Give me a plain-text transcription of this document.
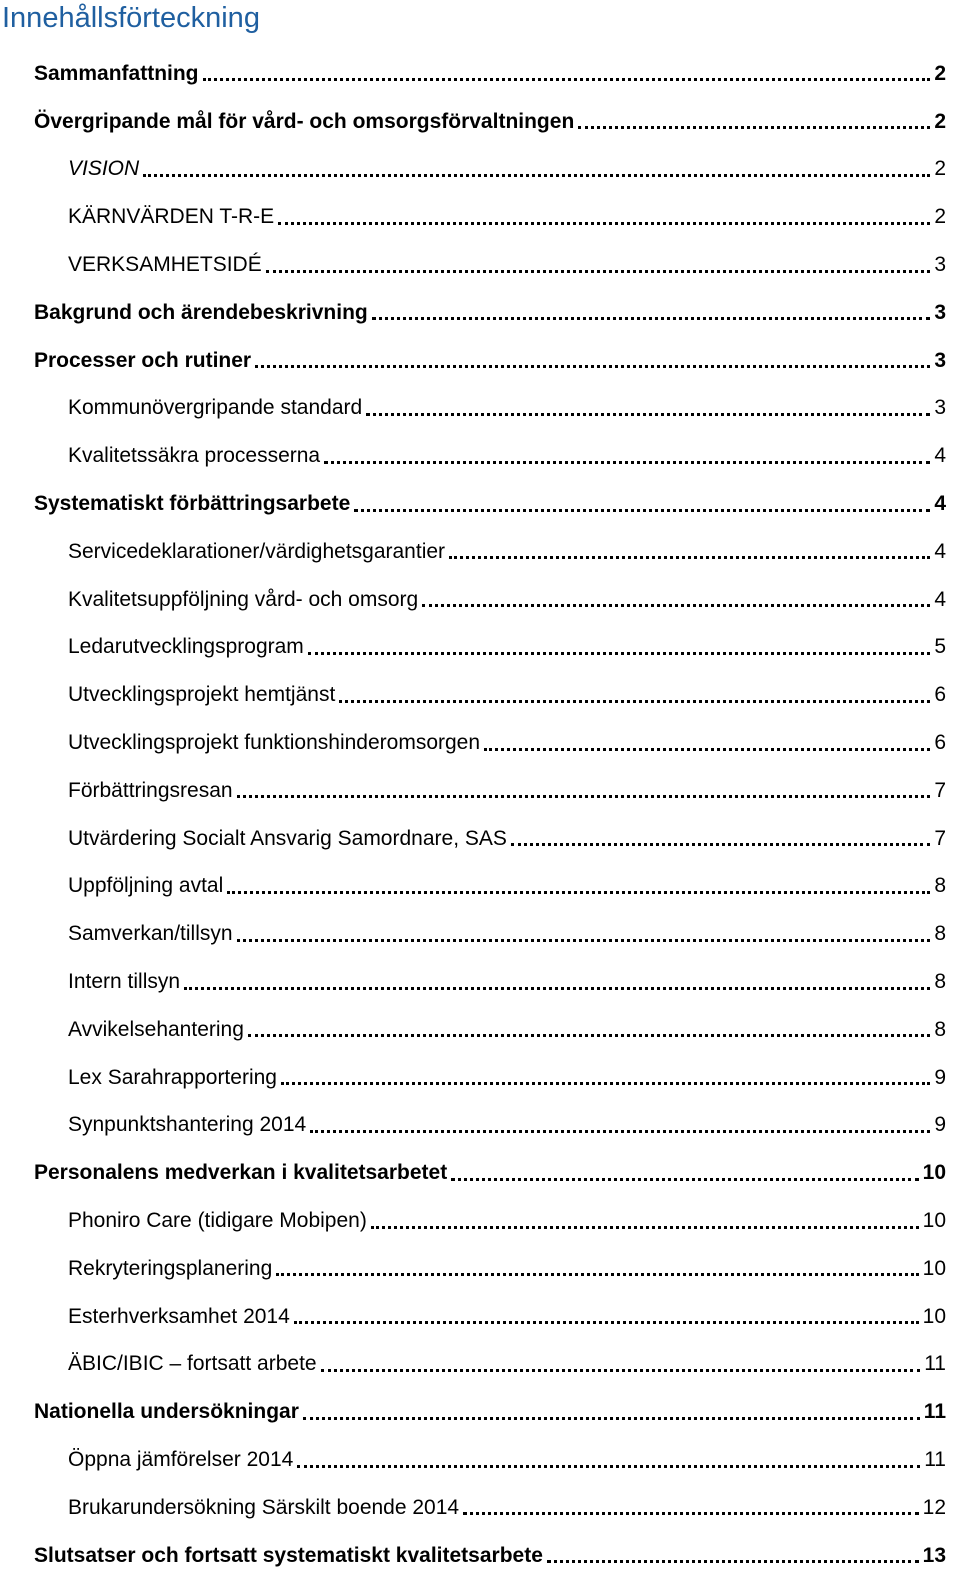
Innehållsförteckning
Sammanfattning	2
Övergripande mål för vård- och omsorgsförvaltningen	2
VISION	2
KÄRNVÄRDEN T-R-E	2
VERKSAMHETSIDÉ	3
Bakgrund och ärendebeskrivning	3
Processer och rutiner	3
Kommunövergripande standard	3
Kvalitetssäkra processerna	4
Systematiskt förbättringsarbete	4
Servicedeklarationer/värdighetsgarantier	4
Kvalitetsuppföljning vård- och omsorg	4
Ledarutvecklingsprogram	5
Utvecklingsprojekt hemtjänst	6
Utvecklingsprojekt funktionshinderomsorgen	6
Förbättringsresan	7
Utvärdering Socialt Ansvarig Samordnare, SAS	7
Uppföljning avtal	8
Samverkan/tillsyn	8
Intern tillsyn	8
Avvikelsehantering	8
Lex Sarahrapportering	9
Synpunktshantering 2014	9
Personalens medverkan i kvalitetsarbetet	10
Phoniro Care (tidigare Mobipen)	10
Rekryteringsplanering	10
Esterhverksamhet 2014	10
ÄBIC/IBIC – fortsatt arbete	11
Nationella undersökningar	11
Öppna jämförelser 2014	11
Brukarundersökning Särskilt boende 2014	12
Slutsatser och fortsatt systematiskt kvalitetsarbete	13
